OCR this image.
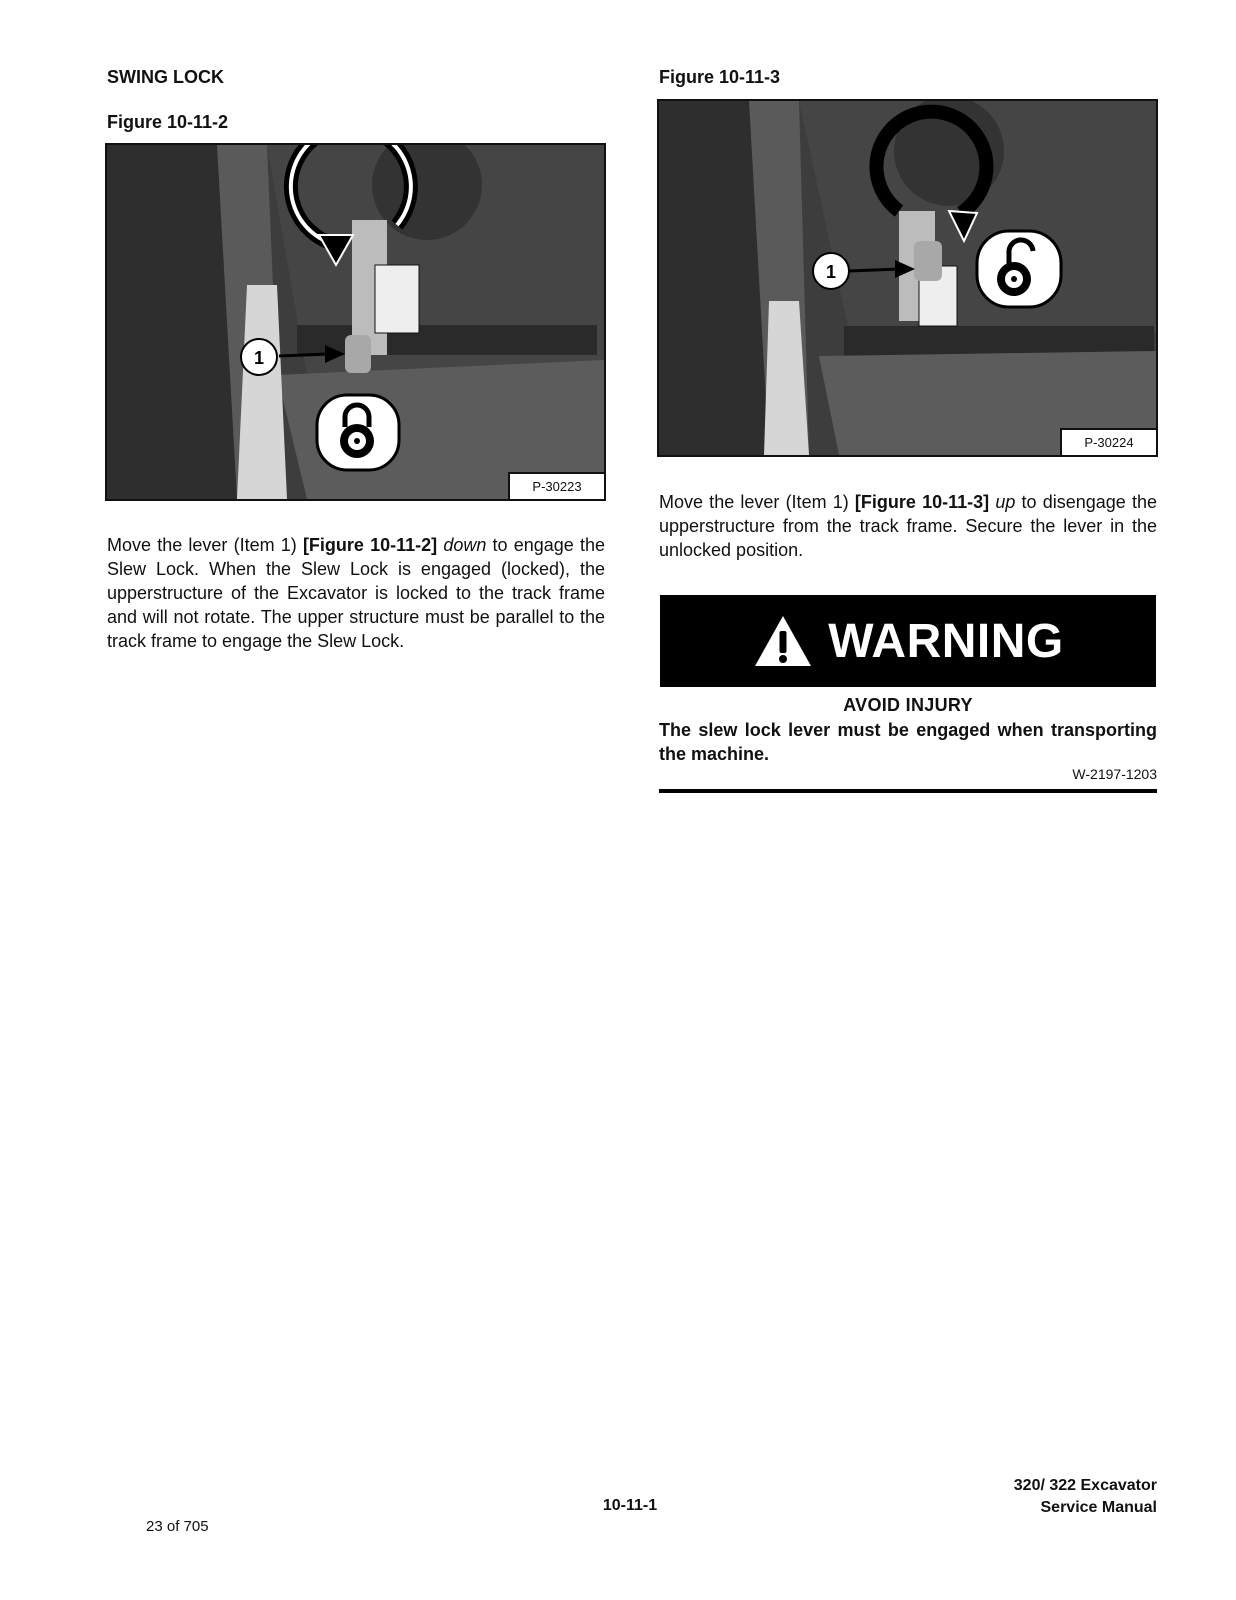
SWING LOCK
Figure 10-11-2
1
P-30223
Move the lever (Item 1) [Figure 10-11-2] down to engage the Slew Lock. When the Slew Lock is engaged (locked), the upperstructure of the Excavator is locked to the track frame and will not rotate. The upper structure must be parallel to the track frame to engage the Slew Lock.
Figure 10-11-3
1
P-30224
Move the lever (Item 1) [Figure 10-11-3] up to disengage the upperstructure from the track frame. Secure the lever in the unlocked position.
WARNING
AVOID INJURY
The slew lock lever must be engaged when transporting the machine.
W-2197-1203
320/ 322 Excavator
Service Manual
10-11-1
23 of 705
